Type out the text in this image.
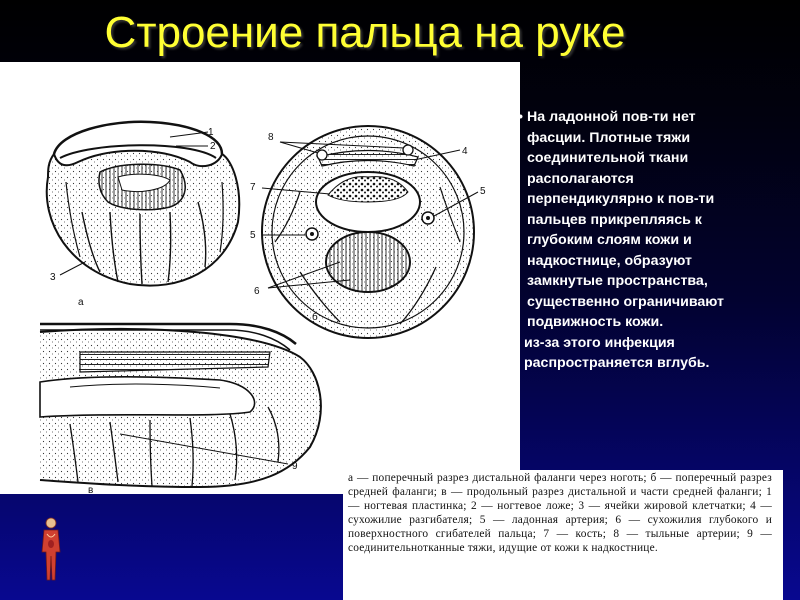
Строение пальца на руке
1
2
3
а
8
4
7	5
5
6
б
9
в
а — поперечный разрез дистальной фаланги через ноготь; б — поперечный разрез средней фаланги; в — продольный разрез дистальной и части средней фаланги; 1 — ногтевая пластинка; 2 — ногтевое ложе; 3 — ячейки жировой клетчатки; 4 — сухожилие разгибателя; 5 — ладонная артерия; 6 — сухожилия глубокого и поверхностного сгибателей пальца; 7 — кость; 8 — тыльные артерии; 9 — соединительнотканные тяжи, идущие от кожи к надкостнице.
• На ладонной пов-ти нет
фасции. Плотные тяжи
соединительной ткани
располагаются
перпендикулярно к пов-ти
пальцев прикрепляясь к
глубоким слоям кожи и
надкостнице, образуют
замкнутые пространства,
существенно ограничивают
подвижность кожи.
из-за этого инфекция
распространяется вглубь.
